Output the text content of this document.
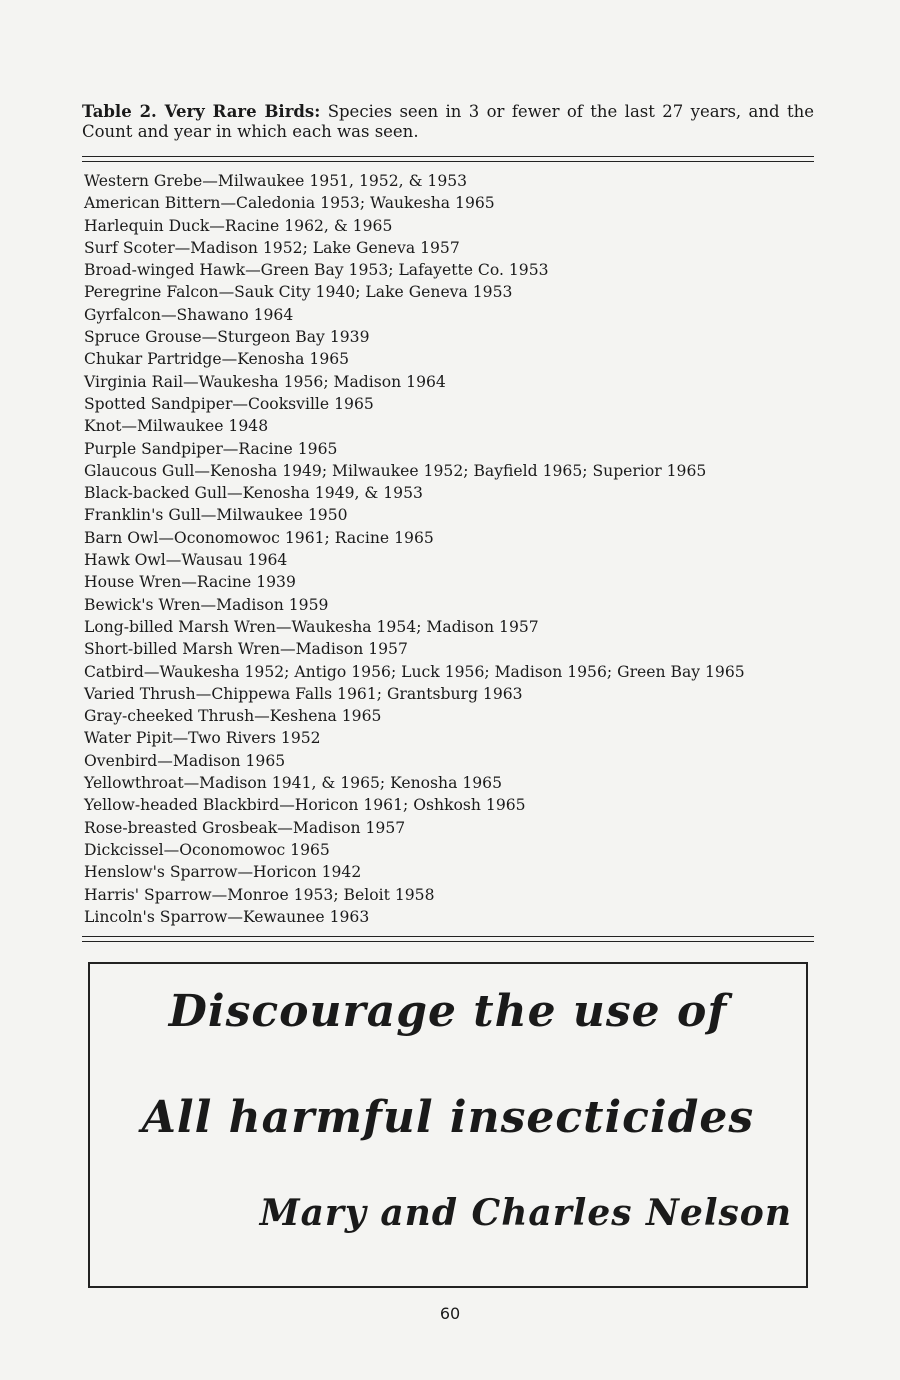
Table 2. Very Rare Birds: Species seen in 3 or fewer of the last 27 years, and the Count and year in which each was seen.
Western Grebe—Milwaukee 1951, 1952, & 1953
American Bittern—Caledonia 1953; Waukesha 1965
Harlequin Duck—Racine 1962, & 1965
Surf Scoter—Madison 1952; Lake Geneva 1957
Broad-winged Hawk—Green Bay 1953; Lafayette Co. 1953
Peregrine Falcon—Sauk City 1940; Lake Geneva 1953
Gyrfalcon—Shawano 1964
Spruce Grouse—Sturgeon Bay 1939
Chukar Partridge—Kenosha 1965
Virginia Rail—Waukesha 1956; Madison 1964
Spotted Sandpiper—Cooksville 1965
Knot—Milwaukee 1948
Purple Sandpiper—Racine 1965
Glaucous Gull—Kenosha 1949; Milwaukee 1952; Bayfield 1965; Superior 1965
Black-backed Gull—Kenosha 1949, & 1953
Franklin's Gull—Milwaukee 1950
Barn Owl—Oconomowoc 1961; Racine 1965
Hawk Owl—Wausau 1964
House Wren—Racine 1939
Bewick's Wren—Madison 1959
Long-billed Marsh Wren—Waukesha 1954; Madison 1957
Short-billed Marsh Wren—Madison 1957
Catbird—Waukesha 1952; Antigo 1956; Luck 1956; Madison 1956; Green Bay 1965
Varied Thrush—Chippewa Falls 1961; Grantsburg 1963
Gray-cheeked Thrush—Keshena 1965
Water Pipit—Two Rivers 1952
Ovenbird—Madison 1965
Yellowthroat—Madison 1941, & 1965; Kenosha 1965
Yellow-headed Blackbird—Horicon 1961; Oshkosh 1965
Rose-breasted Grosbeak—Madison 1957
Dickcissel—Oconomowoc 1965
Henslow's Sparrow—Horicon 1942
Harris' Sparrow—Monroe 1953; Beloit 1958
Lincoln's Sparrow—Kewaunee 1963
Discourage the use of
All harmful insecticides
Mary and Charles Nelson
60
